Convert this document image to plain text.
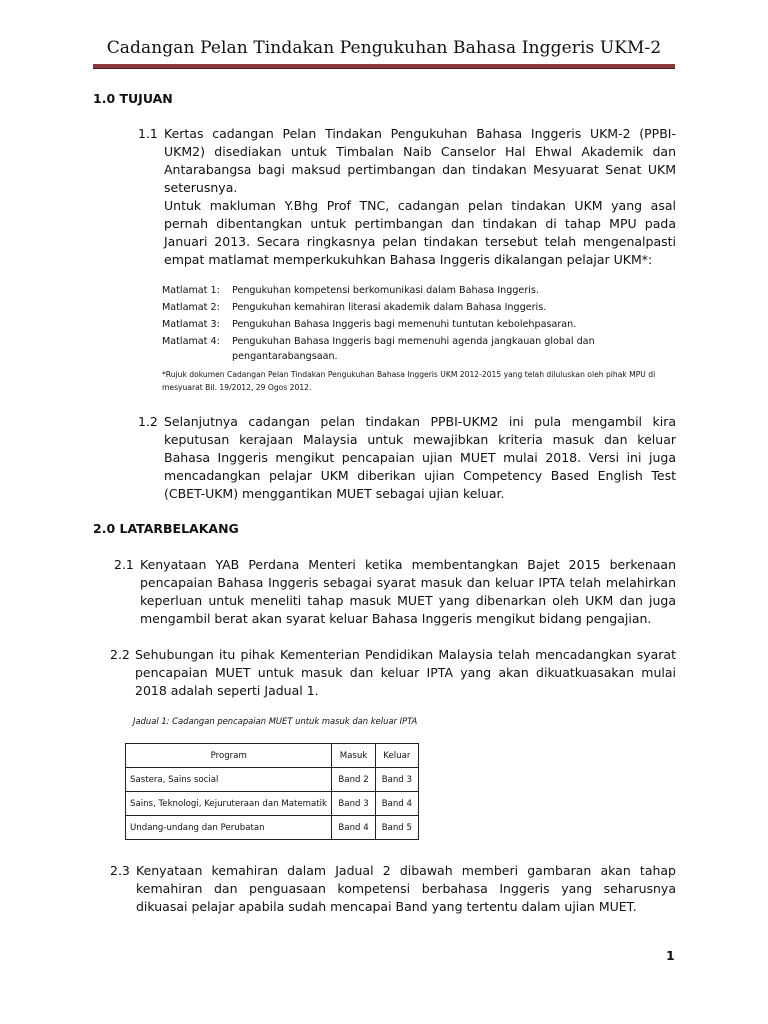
Cadangan Pelan Tindakan Pengukuhan Bahasa Inggeris UKM-2
1.0 TUJUAN
1.1 Kertas cadangan Pelan Tindakan Pengukuhan Bahasa Inggeris UKM-2 (PPBI-UKM2) disediakan untuk Timbalan Naib Canselor Hal Ehwal Akademik dan Antarabangsa bagi maksud pertimbangan dan tindakan Mesyuarat Senat UKM seterusnya.
Untuk makluman Y.Bhg Prof TNC, cadangan pelan tindakan UKM yang asal pernah dibentangkan untuk pertimbangan dan tindakan di tahap MPU pada Januari 2013. Secara ringkasnya pelan tindakan tersebut telah mengenalpasti empat matlamat memperkukuhkan Bahasa Inggeris dikalangan pelajar UKM*:
Matlamat 1:	Pengukuhan kompetensi berkomunikasi dalam Bahasa Inggeris.
Matlamat 2:	Pengukuhan kemahiran literasi akademik dalam Bahasa Inggeris.
Matlamat 3:	Pengukuhan Bahasa Inggeris bagi memenuhi tuntutan kebolehpasaran.
Matlamat 4:	Pengukuhan Bahasa Inggeris bagi memenuhi agenda jangkauan global dan pengantarabangsaan.
*Rujuk dokumen Cadangan Pelan Tindakan Pengukuhan Bahasa Inggeris UKM 2012-2015 yang telah diluluskan oleh pihak MPU di mesyuarat Bil. 19/2012, 29 Ogos 2012.
1.2 Selanjutnya cadangan pelan tindakan PPBI-UKM2 ini pula mengambil kira keputusan kerajaan Malaysia untuk mewajibkan kriteria masuk dan keluar Bahasa Inggeris mengikut pencapaian ujian MUET mulai 2018. Versi ini juga mencadangkan pelajar UKM diberikan ujian Competency Based English Test (CBET-UKM) menggantikan MUET sebagai ujian keluar.
2.0 LATARBELAKANG
2.1 Kenyataan YAB Perdana Menteri ketika membentangkan Bajet 2015 berkenaan pencapaian Bahasa Inggeris sebagai syarat masuk dan keluar IPTA telah melahirkan keperluan untuk meneliti tahap masuk MUET yang dibenarkan oleh UKM dan juga mengambil berat akan syarat keluar Bahasa Inggeris mengikut bidang pengajian.
2.2 Sehubungan itu pihak Kementerian Pendidikan Malaysia telah mencadangkan syarat pencapaian MUET untuk masuk dan keluar IPTA yang akan dikuatkuasakan mulai 2018 adalah seperti Jadual 1.
Jadual 1: Cadangan pencapaian MUET untuk masuk dan keluar IPTA
Program	Masuk	Keluar
Sastera, Sains social	Band 2	Band 3
Sains, Teknologi, Kejuruteraan dan Matematik	Band 3	Band 4
Undang-undang dan Perubatan	Band 4	Band 5
2.3 Kenyataan kemahiran dalam Jadual 2 dibawah memberi gambaran akan tahap kemahiran dan penguasaan kompetensi berbahasa Inggeris yang seharusnya dikuasai pelajar apabila sudah mencapai Band yang tertentu dalam ujian MUET.
1
